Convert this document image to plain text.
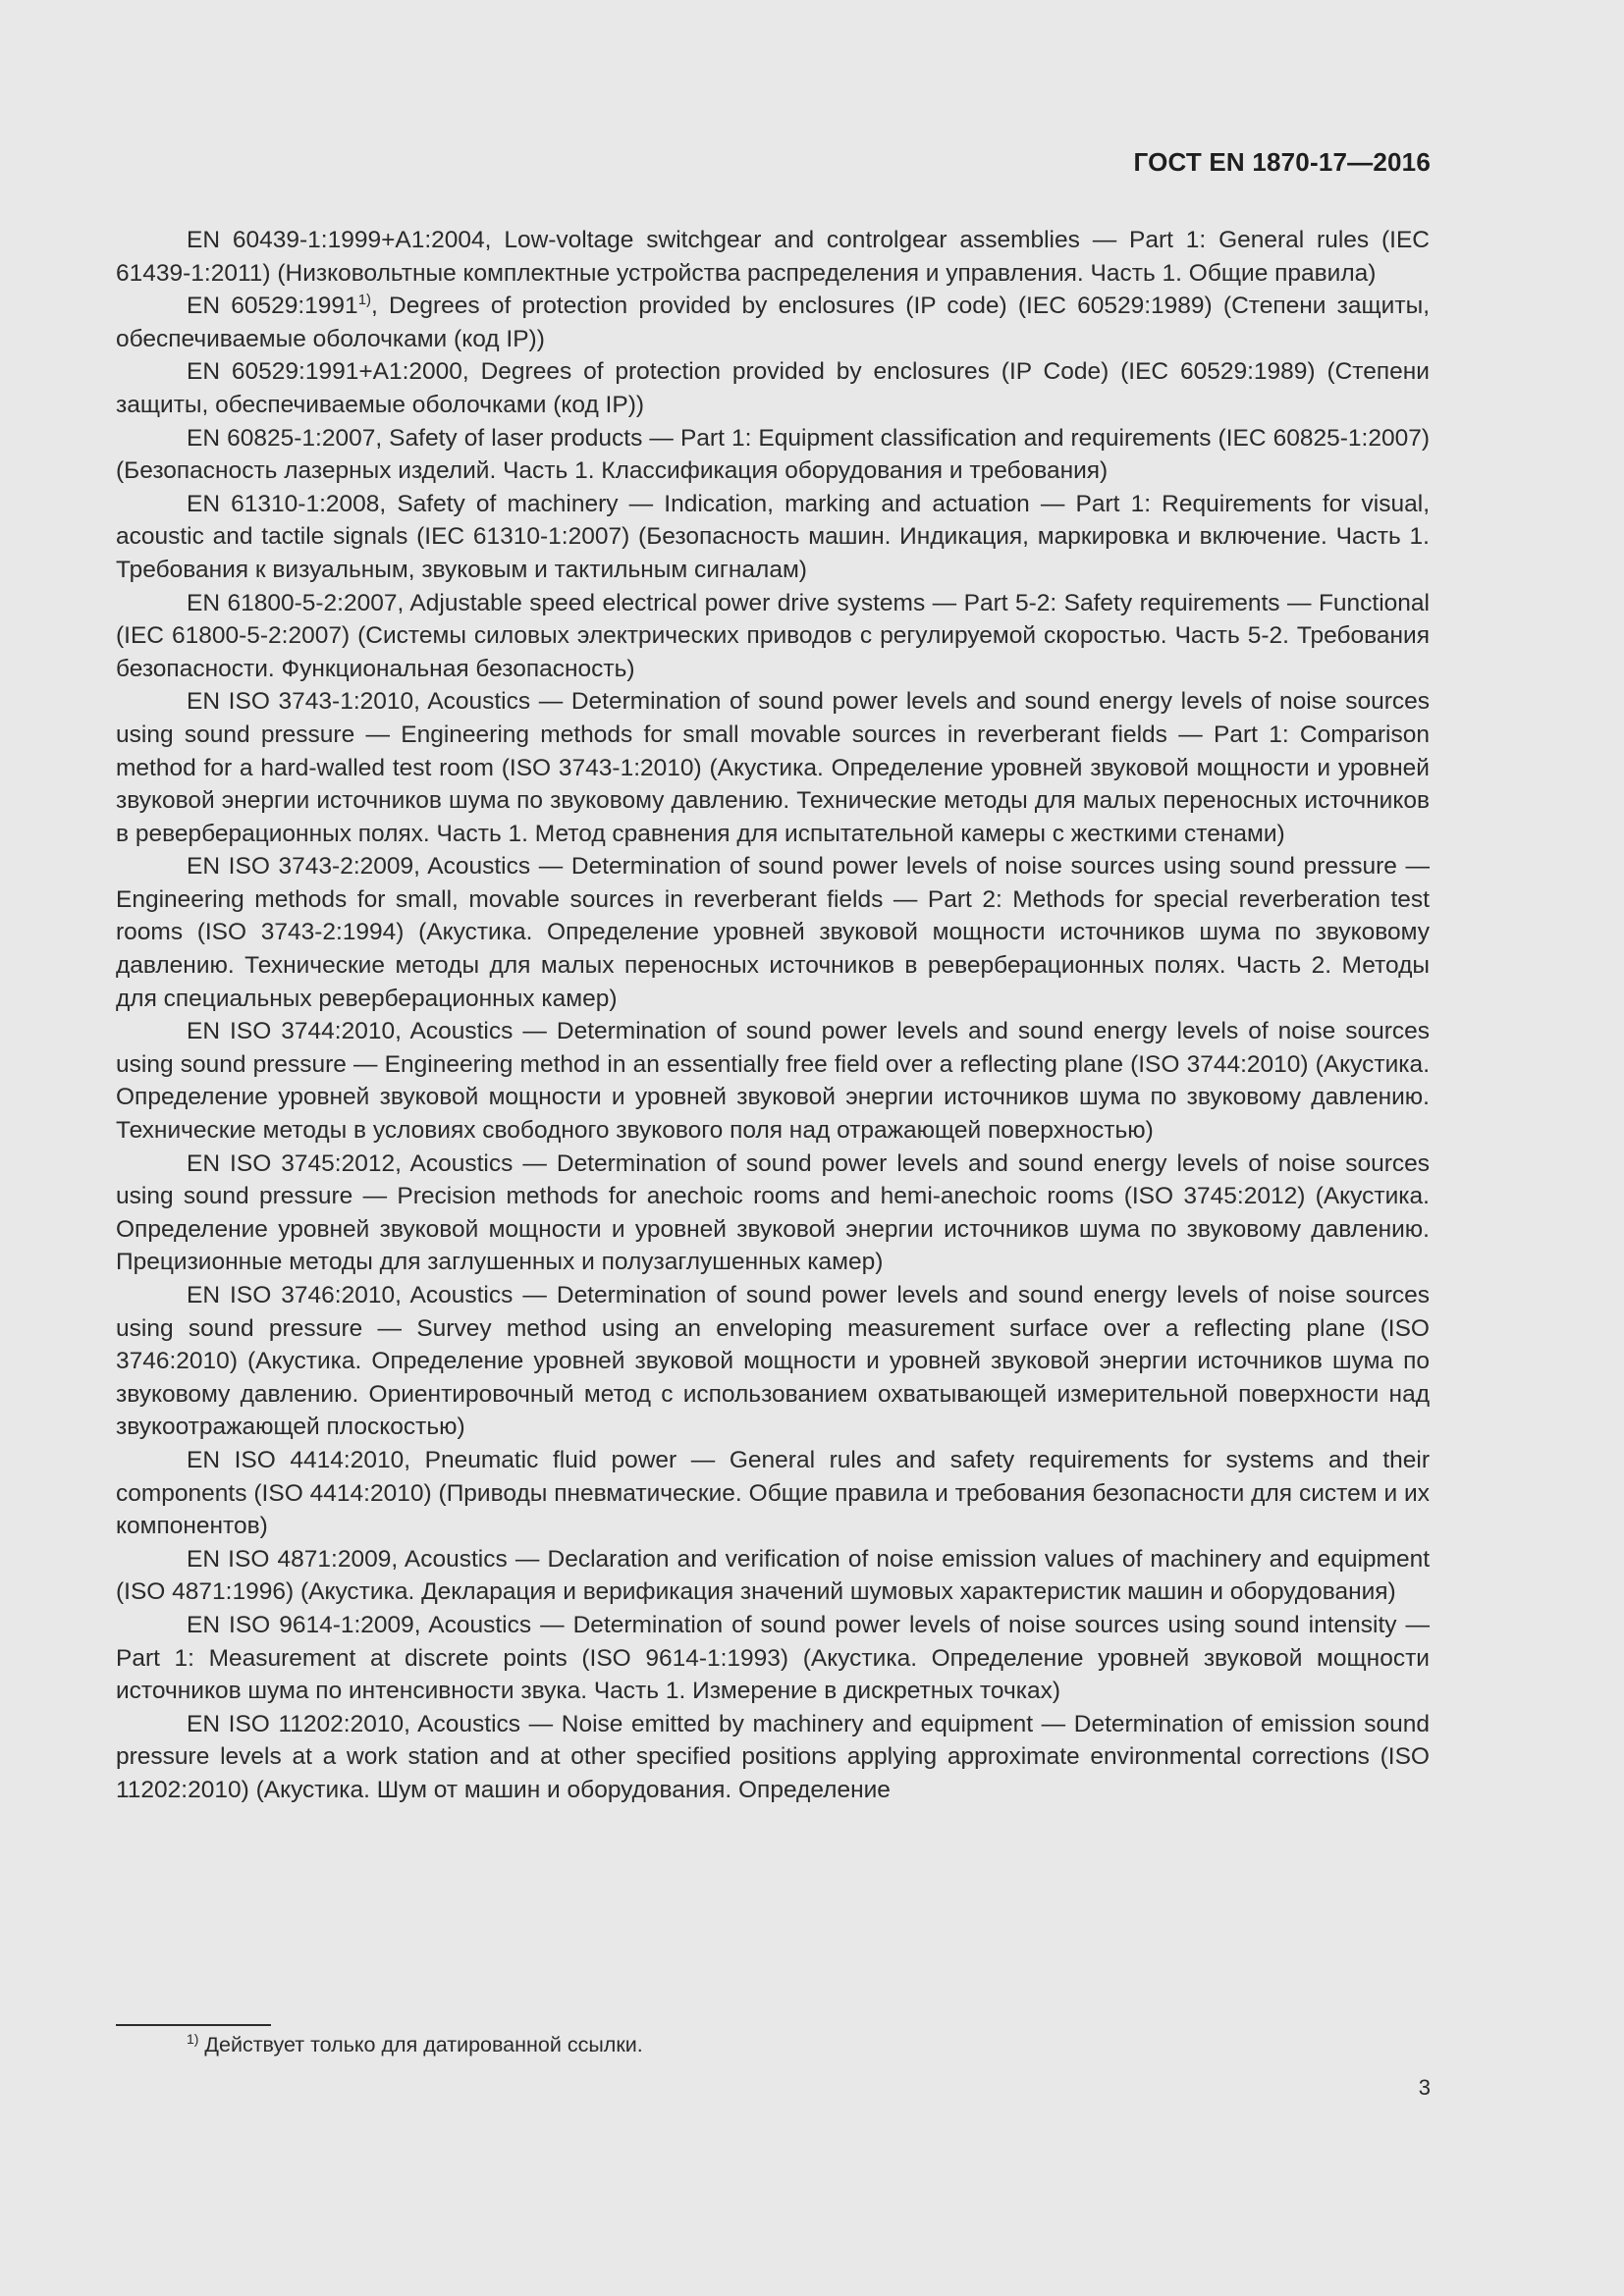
ГОСТ EN 1870-17—2016

EN 60439-1:1999+A1:2004, Low-voltage switchgear and controlgear assemblies — Part 1: General rules (IEC 61439-1:2011) (Низковольтные комплектные устройства распределения и управления. Часть 1. Общие правила)

EN 60529:1991$^{1)}$, Degrees of protection provided by enclosures (IP code) (IEC 60529:1989) (Степени защиты, обеспечиваемые оболочками (код IP))

EN 60529:1991+A1:2000, Degrees of protection provided by enclosures (IP Code) (IEC 60529:1989) (Степени защиты, обеспечиваемые оболочками (код IP))

EN 60825-1:2007, Safety of laser products — Part 1: Equipment classification and requirements (IEC 60825-1:2007) (Безопасность лазерных изделий. Часть 1. Классификация оборудования и требования)

EN 61310-1:2008, Safety of machinery — Indication, marking and actuation — Part 1: Requirements for visual, acoustic and tactile signals (IEC 61310-1:2007) (Безопасность машин. Индикация, маркировка и включение. Часть 1. Требования к визуальным, звуковым и тактильным сигналам)

EN 61800-5-2:2007, Adjustable speed electrical power drive systems — Part 5-2: Safety requirements — Functional (IEC 61800-5-2:2007) (Системы силовых электрических приводов с регулируемой скоростью. Часть 5-2. Требования безопасности. Функциональная безопасность)

EN ISO 3743-1:2010, Acoustics — Determination of sound power levels and sound energy levels of noise sources using sound pressure — Engineering methods for small movable sources in reverberant fields — Part 1: Comparison method for a hard-walled test room (ISO 3743-1:2010) (Акустика. Определение уровней звуковой мощности и уровней звуковой энергии источников шума по звуковому давлению. Технические методы для малых переносных источников в реверберационных полях. Часть 1. Метод сравнения для испытательной камеры с жесткими стенами)

EN ISO 3743-2:2009, Acoustics — Determination of sound power levels of noise sources using sound pressure — Engineering methods for small, movable sources in reverberant fields — Part 2: Methods for special reverberation test rooms (ISO 3743-2:1994) (Акустика. Определение уровней звуковой мощности источников шума по звуковому давлению. Технические методы для малых переносных источников в реверберационных полях. Часть 2. Методы для специальных реверберационных камер)

EN ISO 3744:2010, Acoustics — Determination of sound power levels and sound energy levels of noise sources using sound pressure — Engineering method in an essentially free field over a reflecting plane (ISO 3744:2010) (Акустика. Определение уровней звуковой мощности и уровней звуковой энергии источников шума по звуковому давлению. Технические методы в условиях свободного звукового поля над отражающей поверхностью)

EN ISO 3745:2012, Acoustics — Determination of sound power levels and sound energy levels of noise sources using sound pressure — Precision methods for anechoic rooms and hemi-anechoic rooms (ISO 3745:2012) (Акустика. Определение уровней звуковой мощности и уровней звуковой энергии источников шума по звуковому давлению. Прецизионные методы для заглушенных и полузаглушенных камер)

EN ISO 3746:2010, Acoustics — Determination of sound power levels and sound energy levels of noise sources using sound pressure — Survey method using an enveloping measurement surface over a reflecting plane (ISO 3746:2010) (Акустика. Определение уровней звуковой мощности и уровней звуковой энергии источников шума по звуковому давлению. Ориентировочный метод с использованием охватывающей измерительной поверхности над звукоотражающей плоскостью)

EN ISO 4414:2010, Pneumatic fluid power — General rules and safety requirements for systems and their components (ISO 4414:2010) (Приводы пневматические. Общие правила и требования безопасности для систем и их компонентов)

EN ISO 4871:2009, Acoustics — Declaration and verification of noise emission values of machinery and equipment (ISO 4871:1996) (Акустика. Декларация и верификация значений шумовых характеристик машин и оборудования)

EN ISO 9614-1:2009, Acoustics — Determination of sound power levels of noise sources using sound intensity — Part 1: Measurement at discrete points (ISO 9614-1:1993) (Акустика. Определение уровней звуковой мощности источников шума по интенсивности звука. Часть 1. Измерение в дискретных точках)

EN ISO 11202:2010, Acoustics — Noise emitted by machinery and equipment — Determination of emission sound pressure levels at a work station and at other specified positions applying approximate environmental corrections (ISO 11202:2010) (Акустика. Шум от машин и оборудования. Определение

$^{1)}$ Действует только для датированной ссылки.
3
